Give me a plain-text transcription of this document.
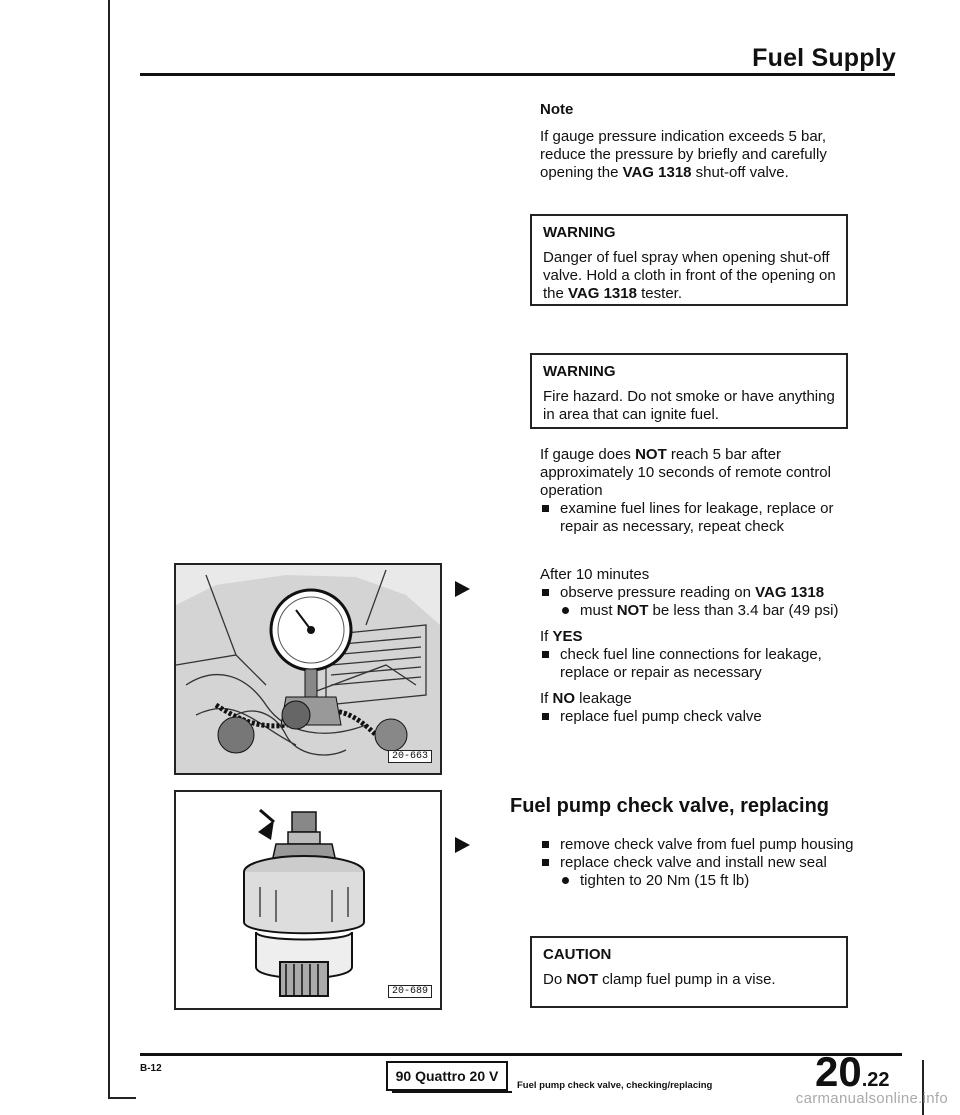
Fuel Supply
Note

If gauge pressure indication exceeds 5 bar, reduce the pressure by briefly and carefully opening the VAG 1318 shut-off valve.

WARNING
Danger of fuel spray when opening shut-off valve. Hold a cloth in front of the opening on the VAG 1318 tester.
WARNING
Fire hazard. Do not smoke or have anything in area that can ignite fuel.

If gauge does NOT reach 5 bar after approximately 10 seconds of remote control operation

examine fuel lines for leakage, replace or repair as necessary, repeat check

After 10 minutes

observe pressure reading on VAG 1318
must NOT be less than 3.4 bar (49 psi)

If YES

check fuel line connections for leakage, replace or repair as necessary

If NO leakage

replace fuel pump check valve
20-663
Fuel pump check valve, replacing
remove check valve from fuel pump housing
replace check valve and install new seal
tighten to 20 Nm (15 ft lb)
CAUTION
Do NOT clamp fuel pump in a vise.
20-689
B-12	90 Quattro 20 V
Fuel pump check valve, checking/replacing 20.22
carmanualsonline.info
